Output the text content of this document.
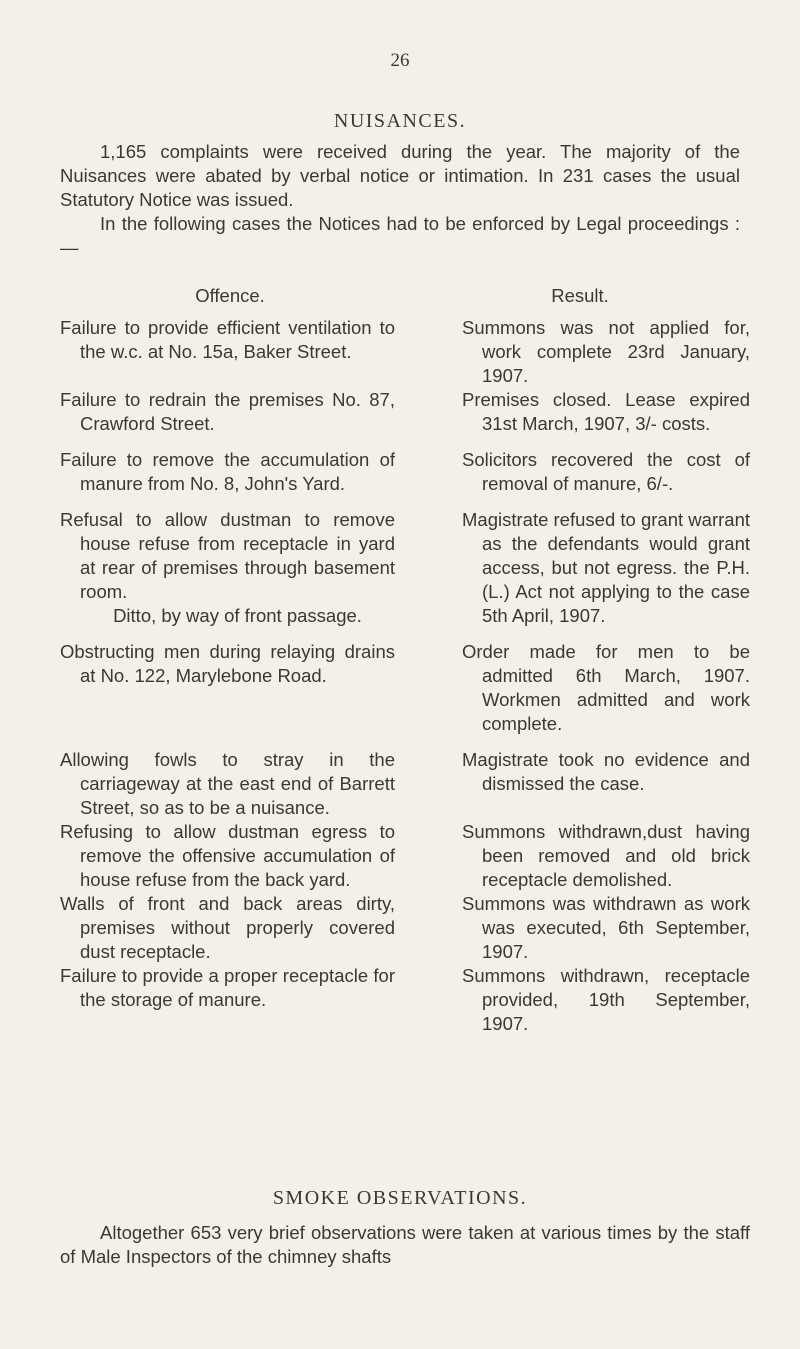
26
NUISANCES.

1,165 complaints were received during the year. The majority of the Nuisances were abated by verbal notice or intimation. In 231 cases the usual Statutory Notice was issued.

In the following cases the Notices had to be enforced by Legal proceedings :—

Offence.	Result.
Failure to provide efficient ventilation to the w.c. at No. 15a, Baker Street.
Summons was not applied for, work complete 23rd January, 1907.
Failure to redrain the premises No. 87, Crawford Street.
Premises closed. Lease expired 31st March, 1907, 3/- costs.
Failure to remove the accumulation of manure from No. 8, John's Yard.
Solicitors recovered the cost of removal of manure, 6/-.
Refusal to allow dustman to remove house refuse from receptacle in yard at rear of premises through basement room.
Ditto, by way of front passage.
Magistrate refused to grant warrant as the defendants would grant access, but not egress. the P.H. (L.) Act not applying to the case 5th April, 1907.
Obstructing men during relaying drains at No. 122, Marylebone Road.
Order made for men to be admitted 6th March, 1907. Workmen admitted and work complete.
Allowing fowls to stray in the carriageway at the east end of Barrett Street, so as to be a nuisance.
Magistrate took no evidence and dismissed the case.
Refusing to allow dustman egress to remove the offensive accumulation of house refuse from the back yard.
Summons withdrawn,dust having been removed and old brick receptacle demolished.
Walls of front and back areas dirty, premises without properly covered dust receptacle.
Summons was withdrawn as work was executed, 6th September, 1907.
Failure to provide a proper receptacle for the storage of manure.
Summons withdrawn, receptacle provided, 19th September, 1907.
SMOKE OBSERVATIONS.

Altogether 653 very brief observations were taken at various times by the staff of Male Inspectors of the chimney shafts
